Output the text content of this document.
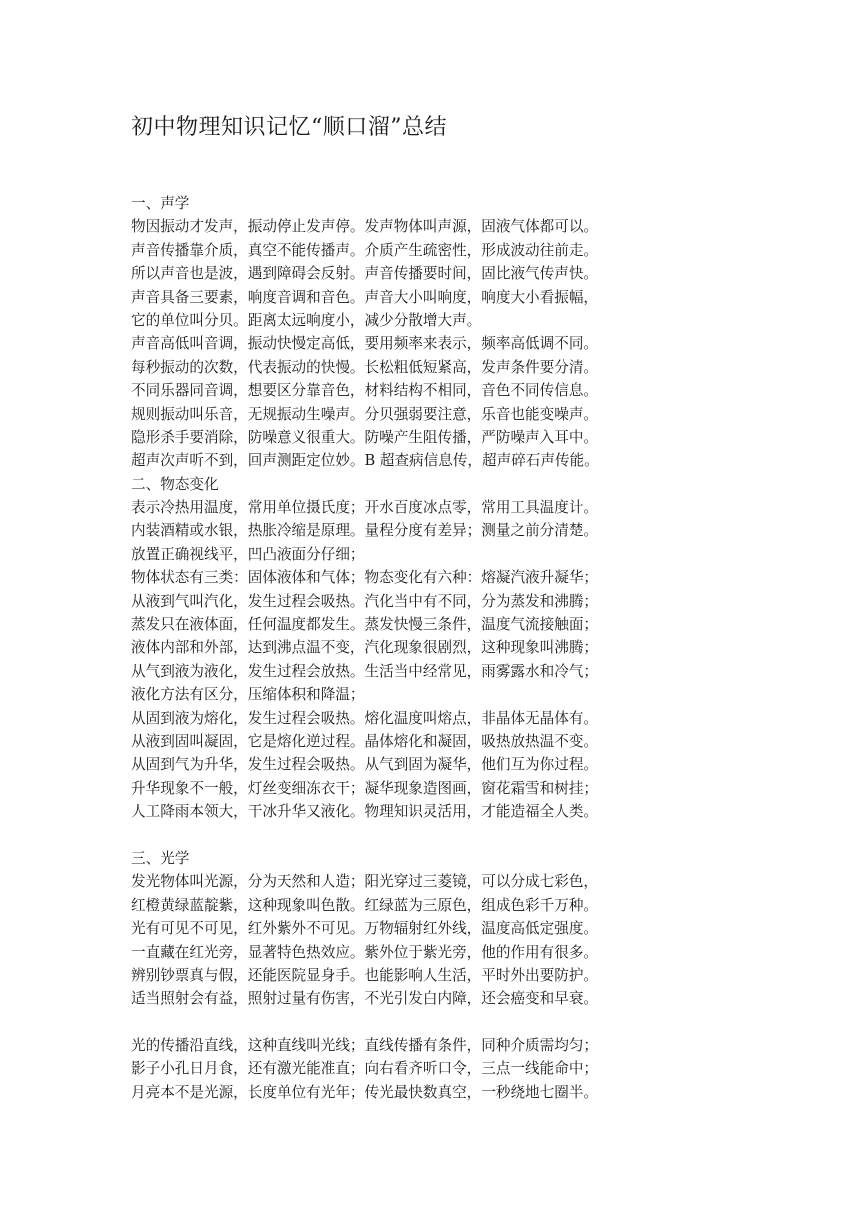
初中物理知识记忆“顺口溜”总结
一、声学
物因振动才发声，振动停止发声停。发声物体叫声源，固液气体都可以。
声音传播靠介质，真空不能传播声。介质产生疏密性，形成波动往前走。
所以声音也是波，遇到障碍会反射。声音传播要时间，固比液气传声快。
声音具备三要素，响度音调和音色。声音大小叫响度，响度大小看振幅，
它的单位叫分贝。距离太远响度小，减少分散增大声。
声音高低叫音调，振动快慢定高低，要用频率来表示，频率高低调不同。
每秒振动的次数，代表振动的快慢。长松粗低短紧高，发声条件要分清。
不同乐器同音调，想要区分靠音色，材料结构不相同，音色不同传信息。
规则振动叫乐音，无规振动生噪声。分贝强弱要注意，乐音也能变噪声。
隐形杀手要消除，防噪意义很重大。防噪产生阻传播，严防噪声入耳中。
超声次声听不到，回声测距定位妙。B 超查病信息传，超声碎石声传能。
二、物态变化
表示冷热用温度，常用单位摄氏度；开水百度冰点零，常用工具温度计。
内装酒精或水银，热胀冷缩是原理。量程分度有差异；测量之前分清楚。
放置正确视线平，凹凸液面分仔细；
物体状态有三类：固体液体和气体；物态变化有六种：熔凝汽液升凝华；
从液到气叫汽化，发生过程会吸热。汽化当中有不同，分为蒸发和沸腾；
蒸发只在液体面，任何温度都发生。蒸发快慢三条件，温度气流接触面；
液体内部和外部，达到沸点温不变，汽化现象很剧烈，这种现象叫沸腾；
从气到液为液化，发生过程会放热。生活当中经常见，雨雾露水和冷气；
液化方法有区分，压缩体积和降温；
从固到液为熔化，发生过程会吸热。熔化温度叫熔点，非晶体无晶体有。
从液到固叫凝固，它是熔化逆过程。晶体熔化和凝固，吸热放热温不变。
从固到气为升华，发生过程会吸热。从气到固为凝华，他们互为你过程。
升华现象不一般，灯丝变细冻衣干；凝华现象造图画，窗花霜雪和树挂；
人工降雨本领大，干冰升华又液化。物理知识灵活用，才能造福全人类。
三、光学
发光物体叫光源，分为天然和人造；阳光穿过三菱镜，可以分成七彩色，
红橙黄绿蓝靛紫，这种现象叫色散。红绿蓝为三原色，组成色彩千万种。
光有可见不可见，红外紫外不可见。万物辐射红外线，温度高低定强度。
一直藏在红光旁，显著特色热效应。紫外位于紫光旁，他的作用有很多。
辨别钞票真与假，还能医院显身手。也能影响人生活，平时外出要防护。
适当照射会有益，照射过量有伤害，不光引发白内障，还会癌变和早衰。
光的传播沿直线，这种直线叫光线；直线传播有条件，同种介质需均匀；
影子小孔日月食，还有激光能准直；向右看齐听口令，三点一线能命中；
月亮本不是光源，长度单位有光年；传光最快数真空，一秒绕地七圈半。
